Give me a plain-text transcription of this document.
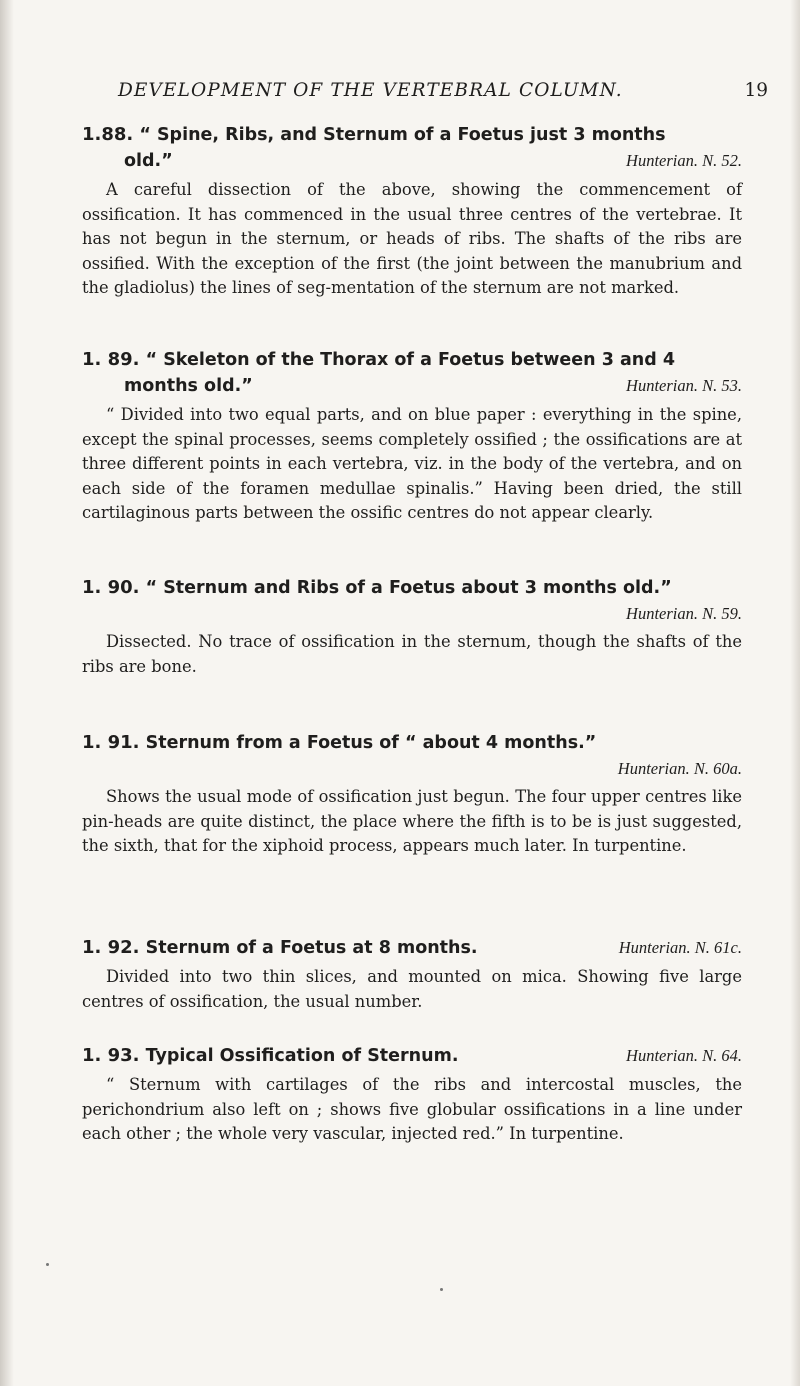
DEVELOPMENT OF THE VERTEBRAL COLUMN.	19
1.88. “ Spine, Ribs, and Sternum of a Foetus just 3 months
old.”	Hunterian. N. 52.

A careful dissection of the above, showing the commencement of ossification. It has commenced in the usual three centres of the vertebrae. It has not begun in the sternum, or heads of ribs. The shafts of the ribs are ossified. With the exception of the first (the joint between the manubrium and the gladiolus) the lines of seg-mentation of the sternum are not marked.

1. 89. “ Skeleton of the Thorax of a Foetus between 3 and 4
months old.”	Hunterian. N. 53.

“ Divided into two equal parts, and on blue paper : everything in the spine, except the spinal processes, seems completely ossified ; the ossifications are at three different points in each vertebra, viz. in the body of the vertebra, and on each side of the foramen medullae spinalis.” Having been dried, the still cartilaginous parts between the ossific centres do not appear clearly.

1. 90. “ Sternum and Ribs of a Foetus about 3 months old.”
Hunterian. N. 59.

Dissected. No trace of ossification in the sternum, though the shafts of the ribs are bone.

1. 91. Sternum from a Foetus of “ about 4 months.”
Hunterian. N. 60a.

Shows the usual mode of ossification just begun. The four upper centres like pin-heads are quite distinct, the place where the fifth is to be is just suggested, the sixth, that for the xiphoid process, appears much later. In turpentine.

1. 92. Sternum of a Foetus at 8 months.	Hunterian. N. 61c.

Divided into two thin slices, and mounted on mica. Showing five large centres of ossification, the usual number.

1. 93. Typical Ossification of Sternum.	Hunterian. N. 64.

“ Sternum with cartilages of the ribs and intercostal muscles, the perichondrium also left on ; shows five globular ossifications in a line under each other ; the whole very vascular, injected red.” In turpentine.
